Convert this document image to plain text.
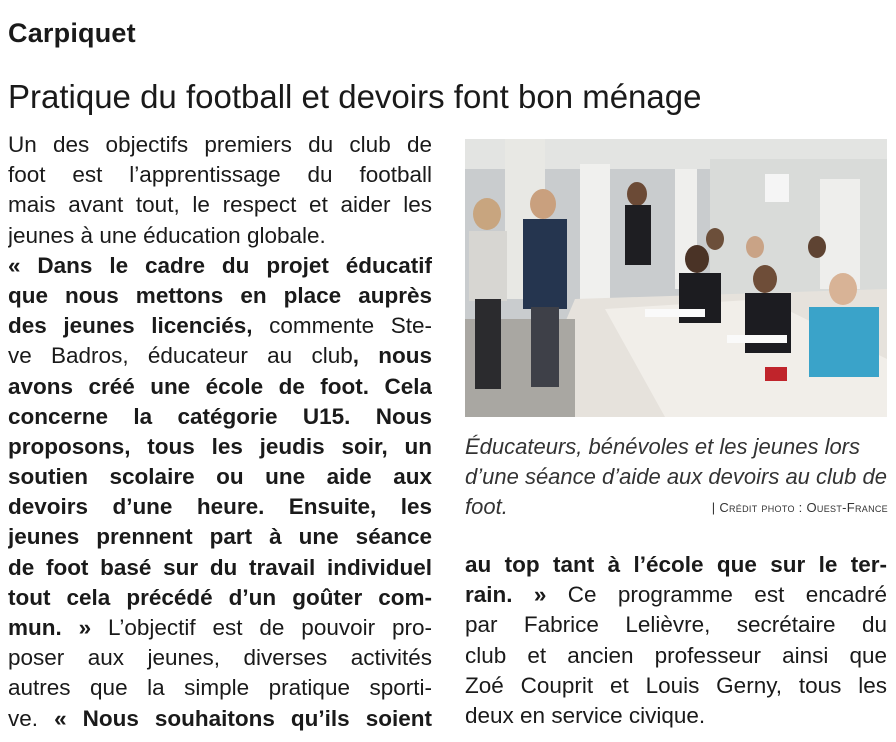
Carpiquet
Pratique du football et devoirs font bon ménage
Un des objectifs premiers du club de
foot est l’apprentissage du football
mais avant tout, le respect et aider les
jeunes à une éducation globale.
« Dans le cadre du projet éducatif
que nous mettons en place auprès
des jeunes licenciés, commente Ste-
ve Badros, éducateur au club, nous
avons créé une école de foot. Cela
concerne la catégorie U15. Nous
proposons, tous les jeudis soir, un
soutien scolaire ou une aide aux
devoirs d’une heure. Ensuite, les
jeunes prennent part à une séance
de foot basé sur du travail individuel
tout cela précédé d’un goûter com-
mun. » L’objectif est de pouvoir pro-
poser aux jeunes, diverses activités
autres que la simple pratique sporti-
ve. « Nous souhaitons qu’ils soient
Éducateurs, bénévoles et les jeunes lors d’une séance d’aide aux devoirs au club de foot.	| Crédit photo : Ouest-France
au top tant à l’école que sur le ter-
rain. » Ce programme est encadré
par Fabrice Lelièvre, secrétaire du
club et ancien professeur ainsi que
Zoé Couprit et Louis Gerny, tous les
deux en service civique.
